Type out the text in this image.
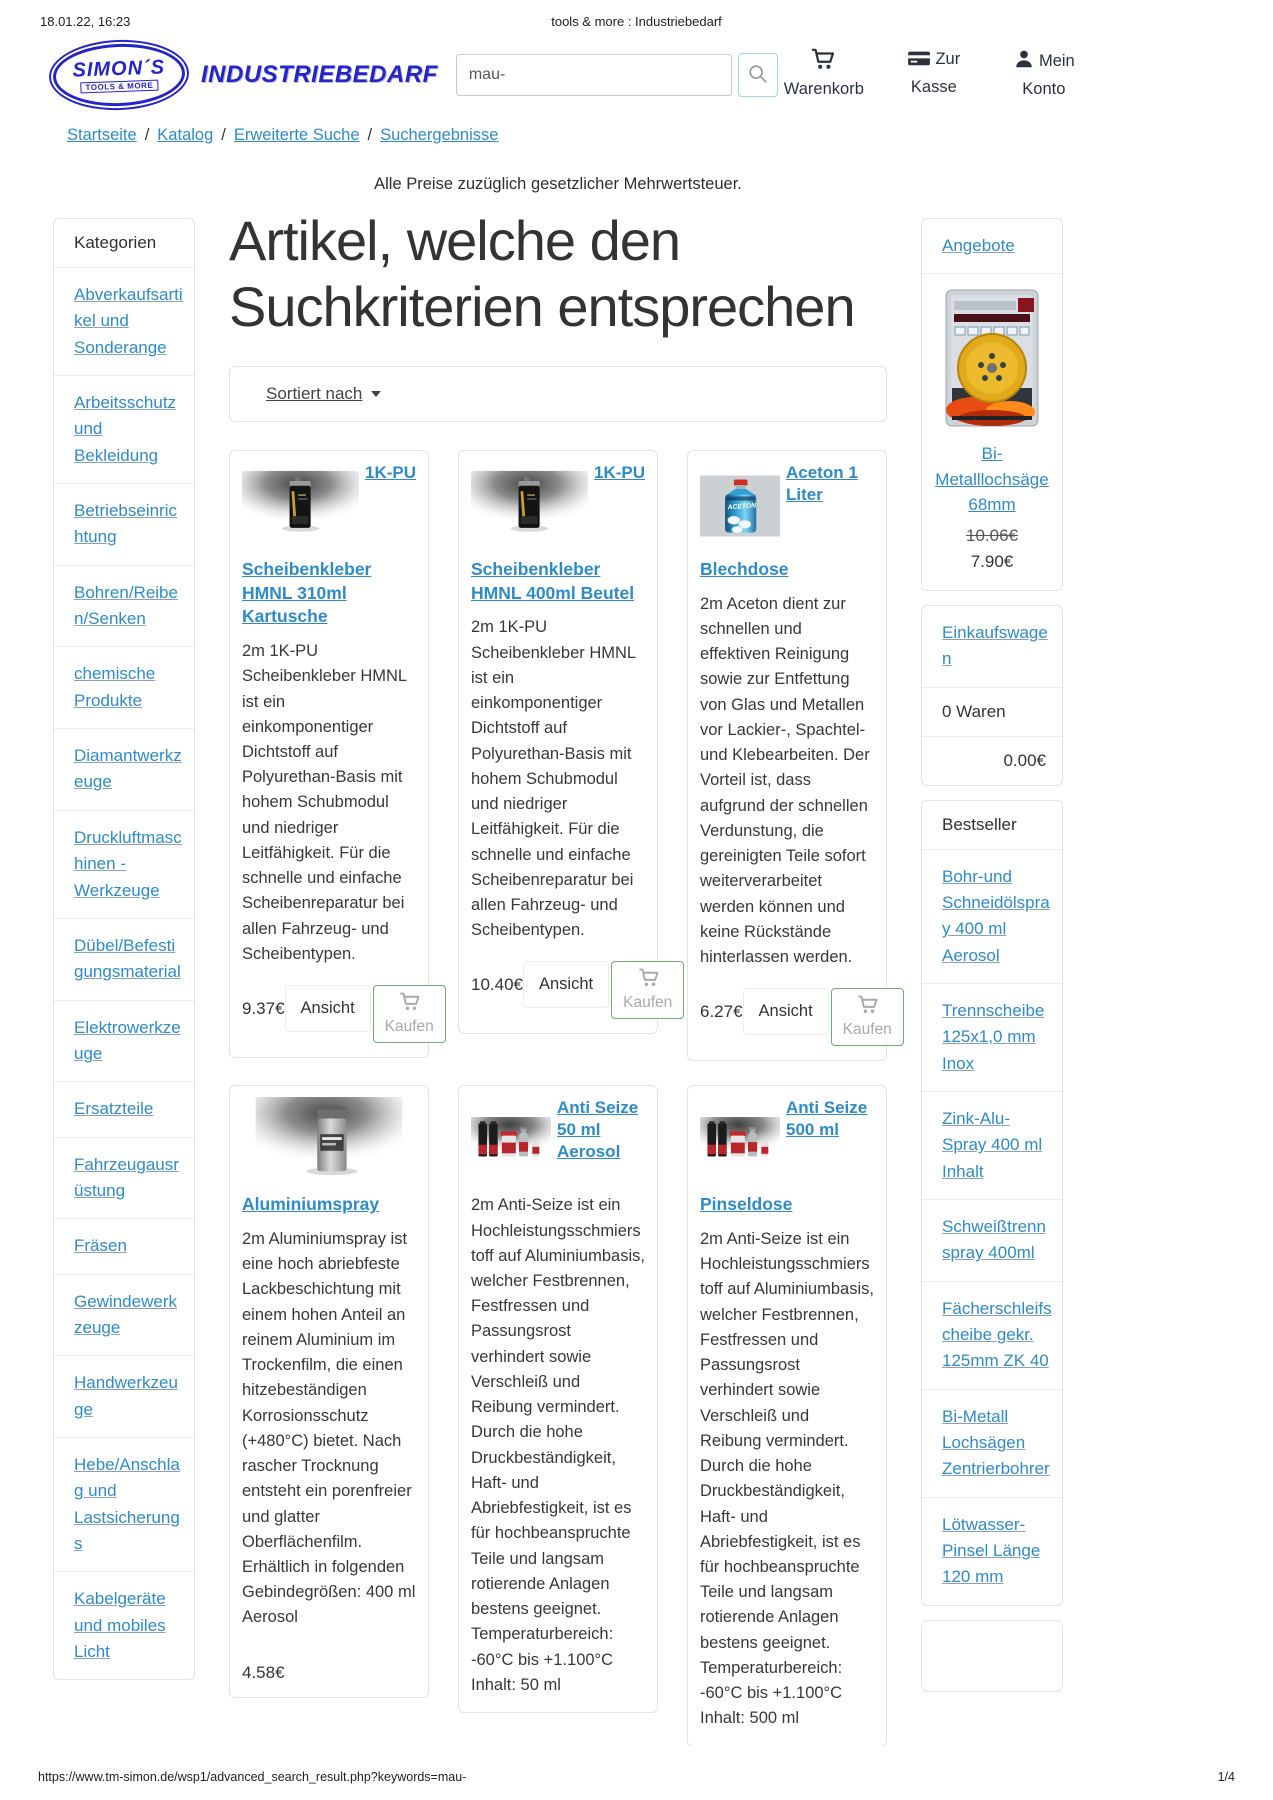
18.01.22, 16:23	tools & more : Industriebedarf
SIMON´S
TOOLS & MORE INDUSTRIEBEDARF
mau-
Warenkorb
Zur Kasse
Mein Konto
Startseite / Katalog / Erweiterte Suche / Suchergebnisse

Alle Preise zuzüglich gesetzlicher Mehrwertsteuer.

Kategorien
Abverkaufsartikel und Sonderange
Arbeitsschutz und Bekleidung
Betriebseinrichtung
Bohren/Reiben/Senken
chemische Produkte
Diamantwerkzeuge
Druckluftmaschinen - Werkzeuge
Dübel/Befestigungsmaterial
Elektrowerkzeuge
Ersatzteile
Fahrzeugausrüstung
Fräsen
Gewindewerkzeuge
Handwerkzeuge
Hebe/Anschlag und Lastsicherungs
Kabelgeräte und mobiles Licht
Artikel, welche den Suchkriterien entsprechen
Sortiert nach
1K-PU
Scheibenkleber HMNL 310ml Kartusche
2m 1K-PU Scheibenkleber HMNL ist ein einkomponentiger Dichtstoff auf Polyurethan-Basis mit hohem Schubmodul und niedriger Leitfähigkeit. Für die schnelle und einfache Scheibenreparatur bei allen Fahrzeug- und Scheibentypen.
9.37€ Ansicht
Kaufen
1K-PU
Scheibenkleber HMNL 400ml Beutel
2m 1K-PU Scheibenkleber HMNL ist ein einkomponentiger Dichtstoff auf Polyurethan-Basis mit hohem Schubmodul und niedriger Leitfähigkeit. Für die schnelle und einfache Scheibenreparatur bei allen Fahrzeug- und Scheibentypen.
10.40€ Ansicht
Kaufen
ACETON
Aceton 1 Liter
Blechdose
2m Aceton dient zur schnellen und effektiven Reinigung sowie zur Entfettung von Glas und Metallen vor Lackier-, Spachtel- und Klebearbeiten. Der Vorteil ist, dass aufgrund der schnellen Verdunstung, die gereinigten Teile sofort weiterverarbeitet werden können und keine Rückstände hinterlassen werden.
6.27€ Ansicht
Kaufen
Aluminiumspray
2m Aluminiumspray ist eine hoch abriebfeste Lackbeschichtung mit einem hohen Anteil an reinem Aluminium im Trockenfilm, die einen hitzebeständigen Korrosionsschutz (+480°C) bietet. Nach rascher Trocknung entsteht ein porenfreier und glatter Oberflächenfilm. Erhältlich in folgenden Gebindegrößen: 400 ml Aerosol
4.58€
Anti Seize 50 ml Aerosol
2m Anti-Seize ist ein Hochleistungsschmierstoff auf Aluminiumbasis, welcher Festbrennen, Festfressen und Passungsrost verhindert sowie Verschleiß und Reibung vermindert. Durch die hohe Druckbeständigkeit, Haft- und Abriebfestigkeit, ist es für hochbeanspruchte Teile und langsam rotierende Anlagen bestens geeignet. Temperaturbereich: -60°C bis +1.100°C Inhalt: 50 ml
Anti Seize 500 ml
Pinseldose
2m Anti-Seize ist ein Hochleistungsschmierstoff auf Aluminiumbasis, welcher Festbrennen, Festfressen und Passungsrost verhindert sowie Verschleiß und Reibung vermindert. Durch die hohe Druckbeständigkeit, Haft- und Abriebfestigkeit, ist es für hochbeanspruchte Teile und langsam rotierende Anlagen bestens geeignet. Temperaturbereich: -60°C bis +1.100°C Inhalt: 500 ml
Angebote
Bi-Metalllochsäge 68mm
10.06€
7.90€
Einkaufswagen
0 Waren
0.00€
Bestseller
Bohr-und Schneidölspray 400 ml Aerosol
Trennscheibe 125x1,0 mm Inox
Zink-Alu-Spray 400 ml Inhalt
Schweißtrennspray 400ml
Fächerschleifscheibe gekr. 125mm ZK 40
Bi-Metall Lochsägen Zentrierbohrer
Lötwasser-Pinsel Länge 120 mm
https://www.tm-simon.de/wsp1/advanced_search_result.php?keywords=mau-	1/4
